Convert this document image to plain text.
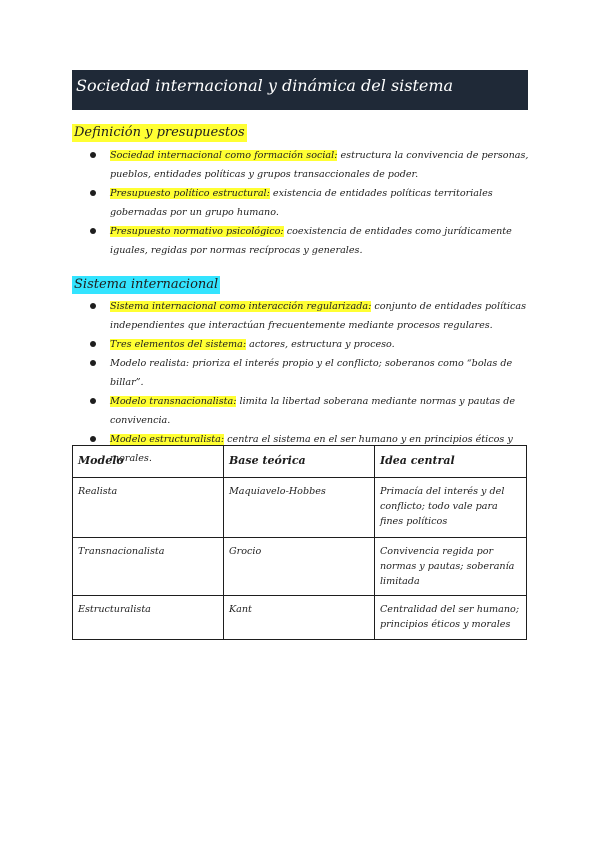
Sociedad internacional y dinámica del sistema
Definición y presupuestos
Sociedad internacional como formación social: estructura la convivencia de personas, pueblos, entidades políticas y grupos transaccionales de poder.
Presupuesto político estructural: existencia de entidades políticas territoriales gobernadas por un grupo humano.
Presupuesto normativo psicológico: coexistencia de entidades como jurídicamente iguales, regidas por normas recíprocas y generales.
Sistema internacional
Sistema internacional como interacción regularizada: conjunto de entidades políticas independientes que interactúan frecuentemente mediante procesos regulares.
Tres elementos del sistema: actores, estructura y proceso.
Modelo realista: prioriza el interés propio y el conflicto; soberanos como “bolas de billar”.
Modelo transnacionalista: limita la libertad soberana mediante normas y pautas de convivencia.
Modelo estructuralista: centra el sistema en el ser humano y en principios éticos y morales.
Modelo	Base teórica	Idea central
Realista	Maquiavelo-Hobbes	Primacía del interés y del conflicto; todo vale para fines políticos
Transnacionalista	Grocio	Convivencia regida por normas y pautas; soberanía limitada
Estructuralista	Kant	Centralidad del ser humano; principios éticos y morales
